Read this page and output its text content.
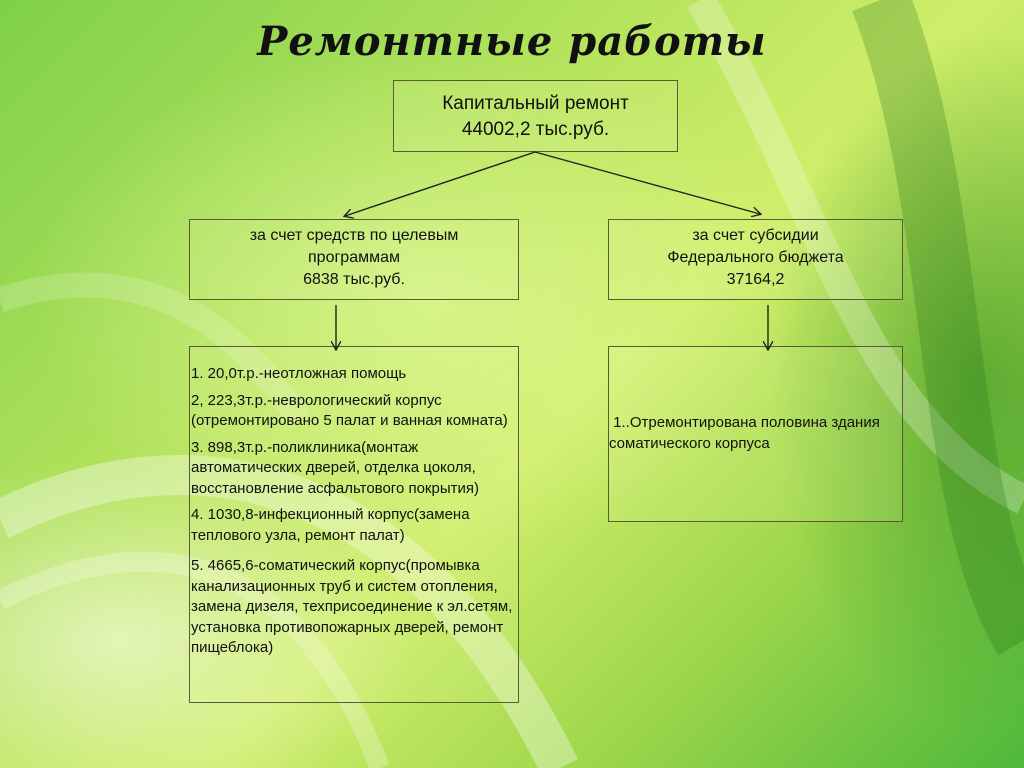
Ремонтные работы
Капитальный ремонт
44002,2 тыс.руб.
за счет средств по целевым
программам
6838 тыс.руб.
за счет субсидии
Федерального бюджета
37164,2
1. 20,0т.р.-неотложная помощь
2, 223,3т.р.-неврологический корпус (отремонтировано 5 палат и ванная комната)
3. 898,3т.р.-поликлиника(монтаж автоматических дверей, отделка цоколя, восстановление асфальтового покрытия)
4. 1030,8-инфекционный корпус(замена теплового узла, ремонт палат)
5. 4665,6-соматический корпус(промывка канализационных труб и систем отопления, замена дизеля, техприсоединение к эл.сетям, установка противопожарных дверей, ремонт пищеблока)
1..Отремонтирована половина здания соматического корпуса
